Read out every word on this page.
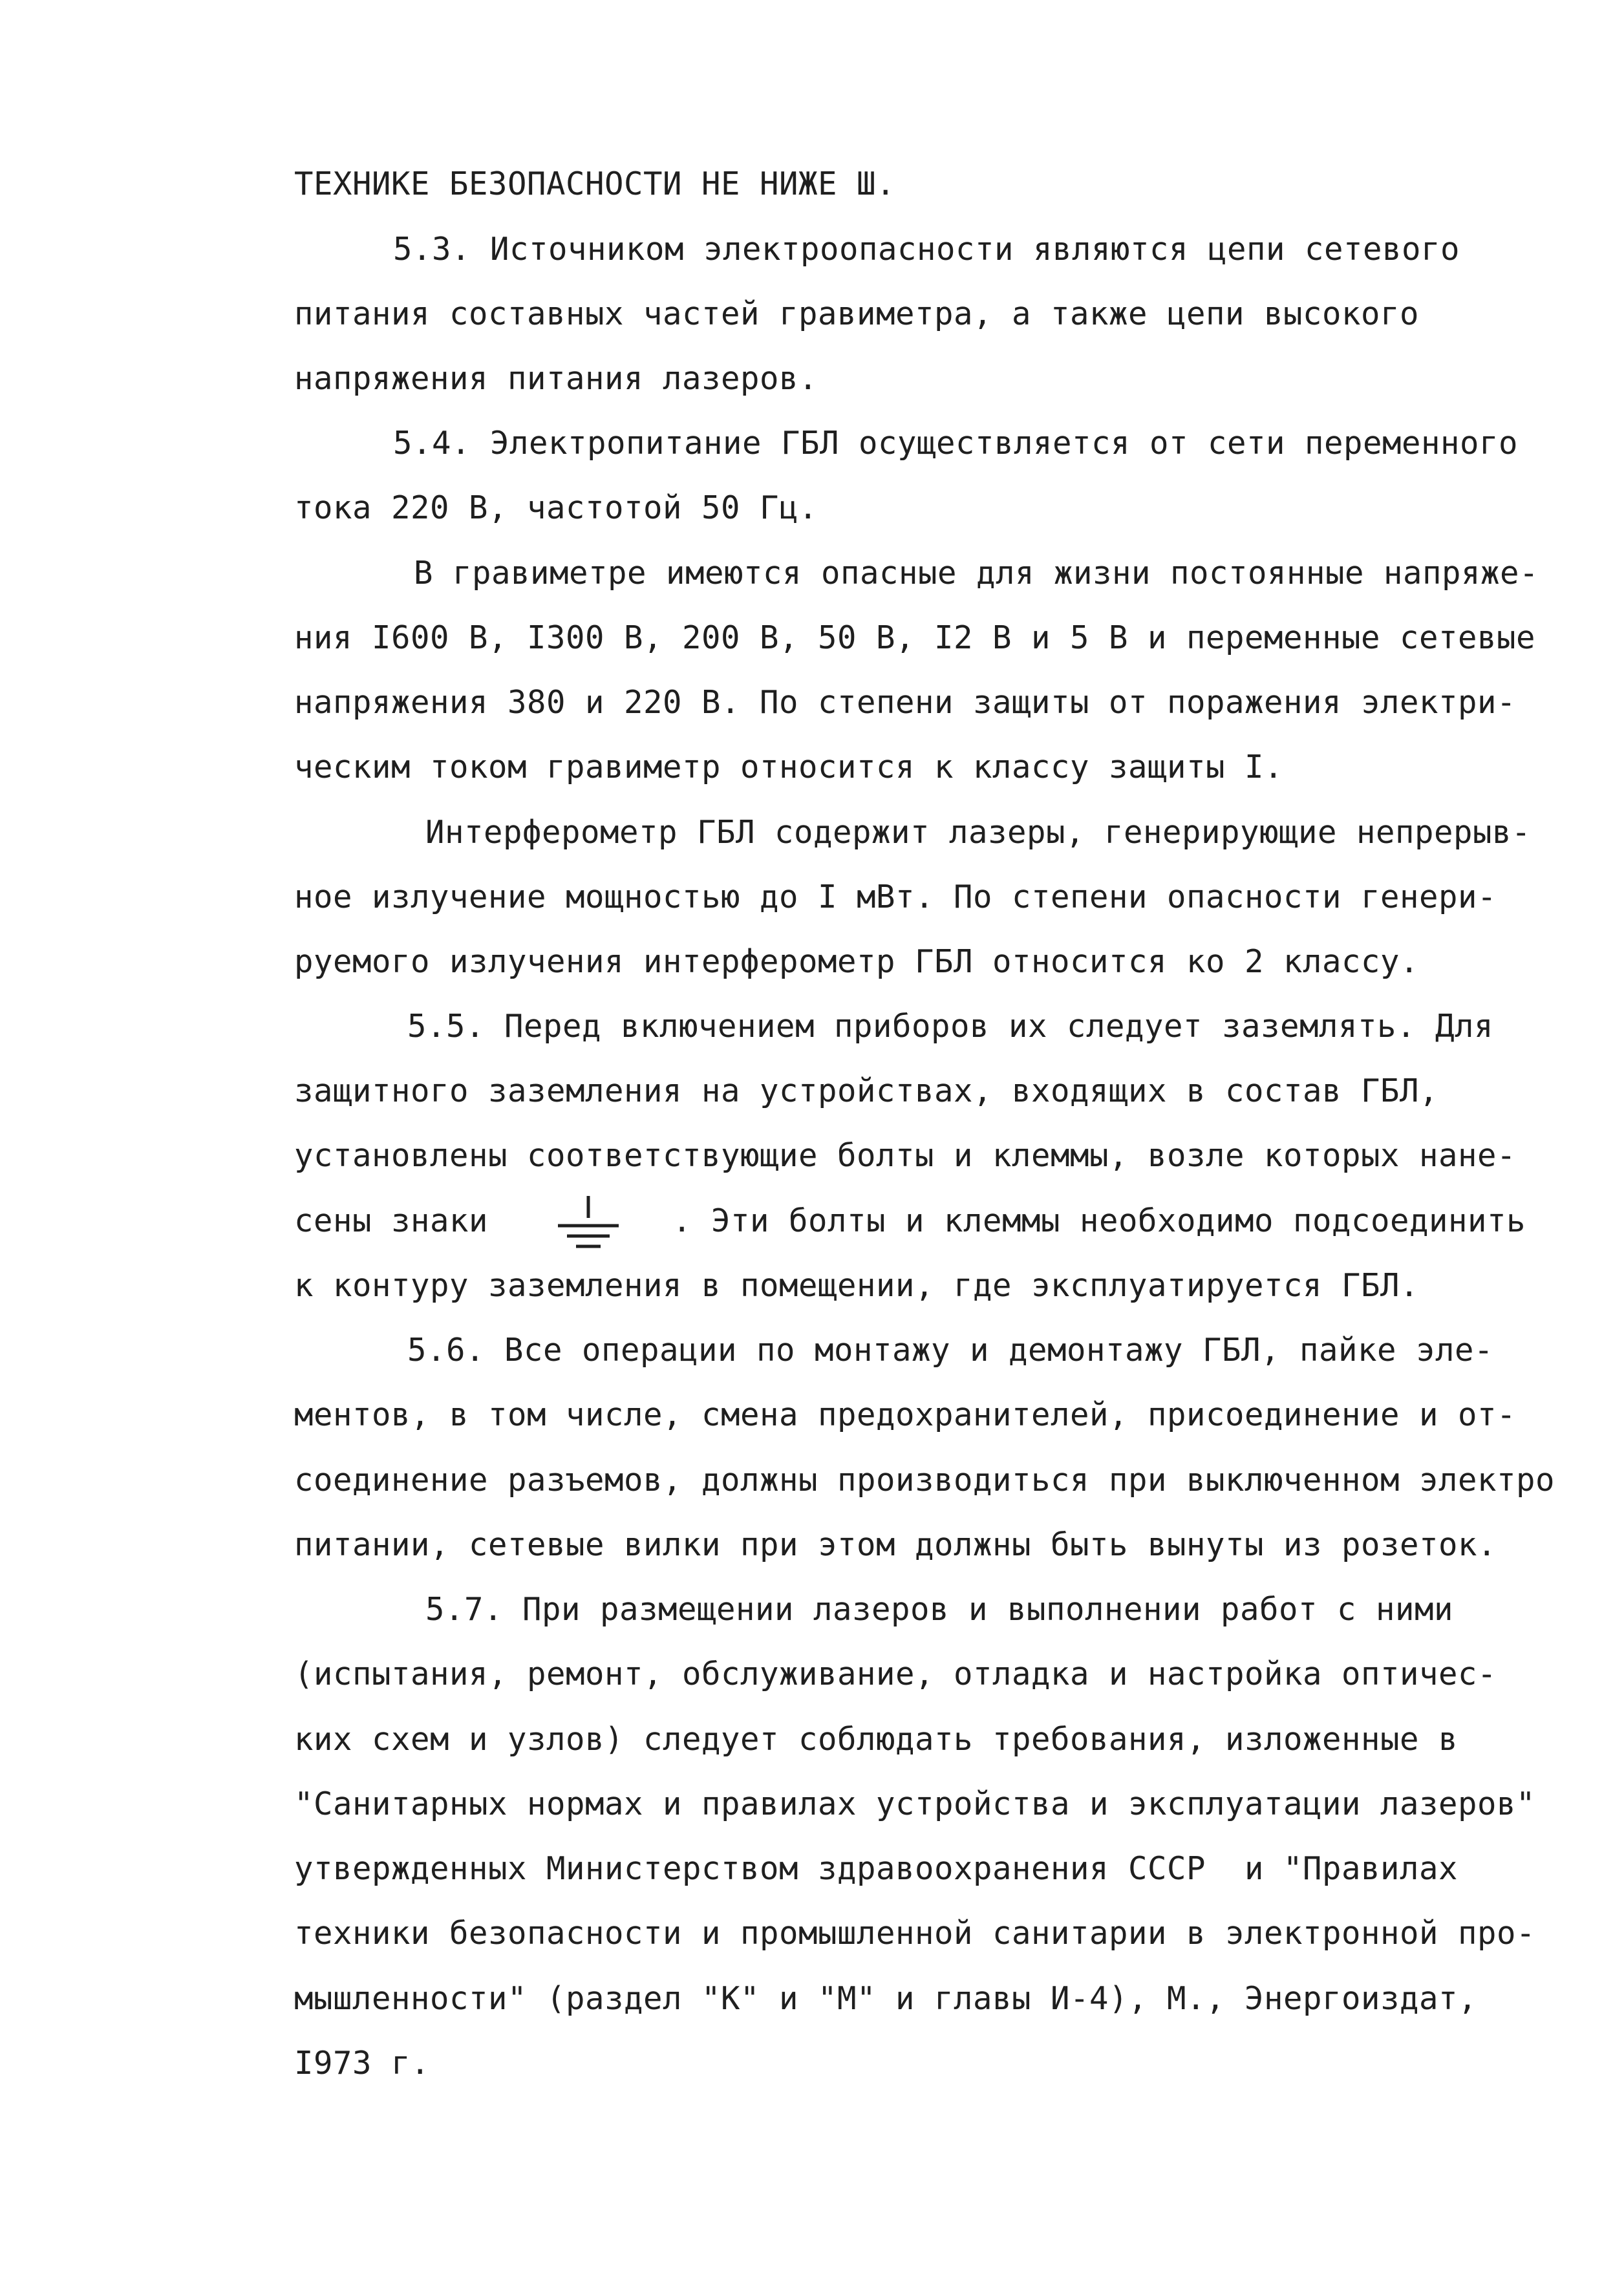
ТЕХНИКЕ БЕЗОПАСНОСТИ НЕ НИЖЕ Ш.
5.3. Источником электроопасности являются цепи сетевого
питания составных частей гравиметра, а также цепи высокого
напряжения питания лазеров.
5.4. Электропитание ГБЛ осуществляется от сети переменного
тока 220 В, частотой 50 Гц.
В гравиметре имеются опасные для жизни постоянные напряже-
ния I600 В, I300 В, 200 В, 50 В, I2 В и 5 В и переменные сетевые
напряжения 380 и 220 В. По степени защиты от поражения электри-
ческим током гравиметр относится к классу защиты I.
Интерферометр ГБЛ содержит лазеры, генерирующие непрерыв-
ное излучение мощностью до I мВт. По степени опасности генери-
руемого излучения интерферометр ГБЛ относится ко 2 классу.
5.5. Перед включением приборов их следует заземлять. Для
защитного заземления на устройствах, входящих в состав ГБЛ,
установлены соответствующие болты и клеммы, возле которых нане-
сены знаки	. Эти болты и клеммы необходимо подсоединить
к контуру заземления в помещении, где эксплуатируется ГБЛ.
5.6. Все операции по монтажу и демонтажу ГБЛ, пайке эле-
ментов, в том числе, смена предохранителей, присоединение и от-
соединение разъемов, должны производиться при выключенном электро
питании, сетевые вилки при этом должны быть вынуты из розеток.
5.7. При размещении лазеров и выполнении работ с ними
(испытания, ремонт, обслуживание, отладка и настройка оптичес-
ких схем и узлов) следует соблюдать требования, изложенные в
"Санитарных нормах и правилах устройства и эксплуатации лазеров"
утвержденных Министерством здравоохранения СССР  и "Правилах
техники безопасности и промышленной санитарии в электронной про-
мышленности" (раздел "К" и "М" и главы И-4), М., Энергоиздат,
I973 г.
